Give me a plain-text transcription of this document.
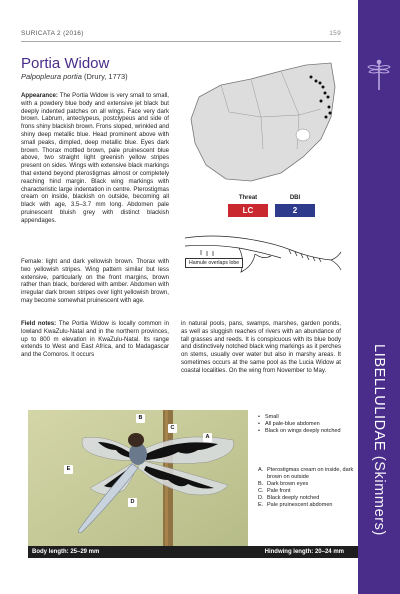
SURICATA 2 (2016)	159
LIBELLULIDAE (Skimmers)
Portia Widow
Palpopleura portia (Drury, 1773)
Appearance: The Portia Widow is very small to small, with a powdery blue body and extensive jet black but deeply indented patches on all wings. Face very dark brown. Labrum, anteclypeus, postclypeus and side of frons shiny blackish brown. Frons sloped, wrinkled and shiny deep metallic blue. Head prominent above with small peaks, dimpled, deep metallic blue. Eyes dark brown. Thorax mottled brown, pale pruinescent blue above, two straight light greenish yellow stripes present on sides. Wings with extensive black markings that extend beyond pterostigmas almost or completely reaching hind margin. Black wing markings with characteristic large indentation in centre. Pterostigmas cream on inside, blackish on outside, becoming all black with age, 3.5–3.7 mm long. Abdomen pale pruinescent bluish grey with distinct blackish appendages.
Female: light and dark yellowish brown. Thorax with two yellowish stripes. Wing pattern similar but less extensive, particularly on the front margins, brown rather than black, bordered with amber. Abdomen with irregular dark brown stripes over light yellowish brown, may become somewhat pruinescent with age.
Field notes: The Portia Widow is locally common in lowland KwaZulu-Natal and in the northern provinces, up to 800 m elevation in KwaZulu-Natal. Its range extends to West and East Africa, and to Madagascar and the Comoros. It occurs
in natural pools, pans, swamps, marshes, garden ponds, as well as sluggish reaches of rivers with an abundance of tall grasses and reeds. It is conspicuous with its blue body and distinctively notched black wing markings as it perches on stems, usually over water but also in marshy areas. It sometimes occurs at the same pool as the Lucia Widow at coastal localities. On the wing from November to May.
Threat	DBI
LC	2
Hamule overlaps lobe
A
B
C
D
E
• Small
• All pale-blue abdomen
• Black on wings deeply notched
A. Pterostigmas cream on inside, dark brown on outside
B. Dark brown eyes
C. Pale front
D. Black deeply notched
E. Pale pruinescent abdomen
Body length: 25–29 mm	Hindwing length: 20–24 mm
